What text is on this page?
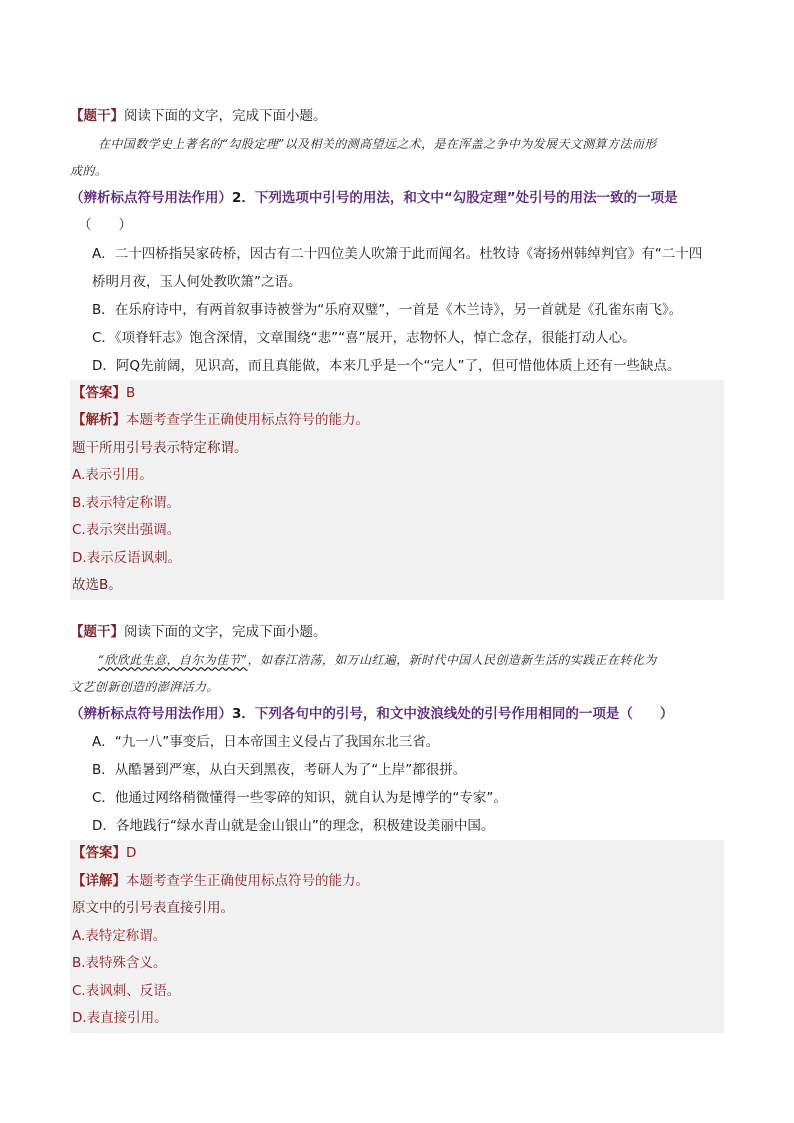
【题干】阅读下面的文字，完成下面小题。
在中国数学史上著名的“勾股定理”以及相关的测高望远之术，是在浑盖之争中为发展天文测算方法而形
成的。
（辨析标点符号用法作用）2．下列选项中引号的用法，和文中“勾股定理”处引号的用法一致的一项是
（　　）
A．二十四桥指吴家砖桥，因古有二十四位美人吹箫于此而闻名。杜牧诗《寄扬州韩绰判官》有“二十四
桥明月夜，玉人何处教吹箫”之语。
B．在乐府诗中，有两首叙事诗被誉为“乐府双璧”，一首是《木兰诗》，另一首就是《孔雀东南飞》。
C．《项脊轩志》饱含深情，文章围绕“悲”“喜”展开，志物怀人，悼亡念存，很能打动人心。
D．阿Q先前阔，见识高，而且真能做，本来几乎是一个“完人”了，但可惜他体质上还有一些缺点。
【答案】B
【解析】本题考查学生正确使用标点符号的能力。
题干所用引号表示特定称谓。
A.表示引用。
B.表示特定称谓。
C.表示突出强调。
D.表示反语讽刺。
故选B。
【题干】阅读下面的文字，完成下面小题。
“欣欣此生意，自尔为佳节”，如春江浩荡，如万山红遍，新时代中国人民创造新生活的实践正在转化为
文艺创新创造的澎湃活力。
（辨析标点符号用法作用）3．下列各句中的引号，和文中波浪线处的引号作用相同的一项是（　　）
A．“九一八”事变后，日本帝国主义侵占了我国东北三省。
B．从酷暑到严寒，从白天到黑夜，考研人为了“上岸”都很拼。
C．他通过网络稍微懂得一些零碎的知识，就自认为是博学的“专家”。
D．各地践行“绿水青山就是金山银山”的理念，积极建设美丽中国。
【答案】D
【详解】本题考查学生正确使用标点符号的能力。
原文中的引号表直接引用。
A.表特定称谓。
B.表特殊含义。
C.表讽刺、反语。
D.表直接引用。
